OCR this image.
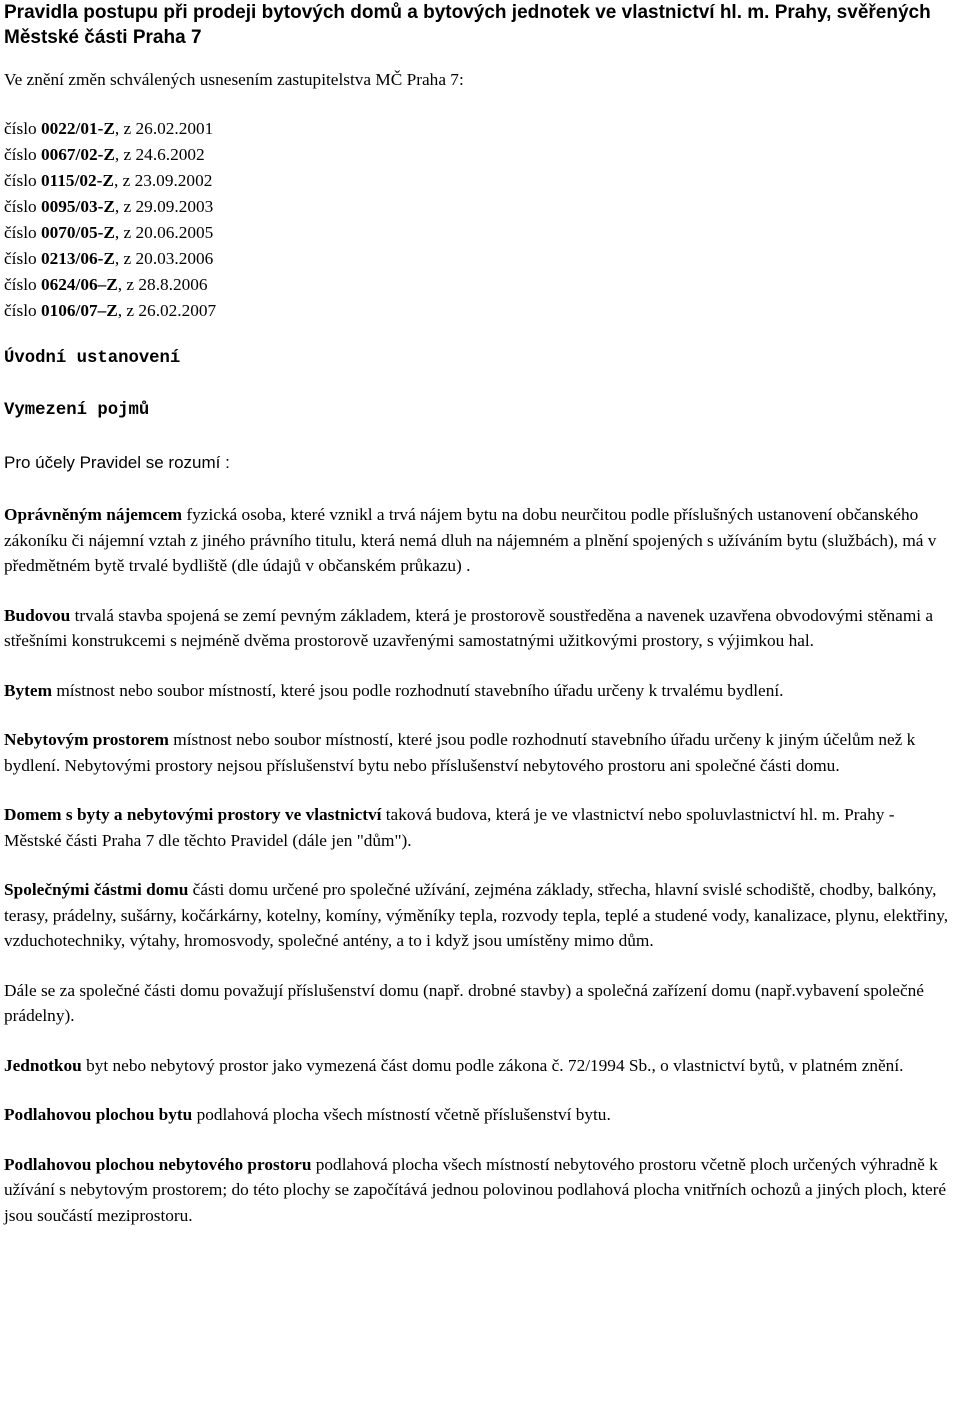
Pravidla postupu při prodeji bytových domů a bytových jednotek ve vlastnictví hl. m. Prahy, svěřených Městské části Praha 7

Ve znění změn schválených usnesením zastupitelstva MČ Praha 7:

číslo 0022/01-Z, z 26.02.2001
číslo 0067/02-Z, z 24.6.2002
číslo 0115/02-Z, z 23.09.2002
číslo 0095/03-Z, z 29.09.2003
číslo 0070/05-Z, z 20.06.2005
číslo 0213/06-Z, z 20.03.2006
číslo 0624/06–Z, z 28.8.2006
číslo 0106/07–Z, z 26.02.2007
Úvodní ustanovení
Vymezení pojmů

Pro účely Pravidel se rozumí :

Oprávněným nájemcem fyzická osoba, které vznikl a trvá nájem bytu na dobu neurčitou podle příslušných ustanovení občanského zákoníku či nájemní vztah z jiného právního titulu, která nemá dluh na nájemném a plnění spojených s užíváním bytu (službách), má v předmětném bytě trvalé bydliště (dle údajů v občanském průkazu) .

Budovou trvalá stavba spojená se zemí pevným základem, která je prostorově soustředěna a navenek uzavřena obvodovými stěnami a střešními konstrukcemi s nejméně dvěma prostorově uzavřenými samostatnými užitkovými prostory, s výjimkou hal.

Bytem místnost nebo soubor místností, které jsou podle rozhodnutí stavebního úřadu určeny k trvalému bydlení.

Nebytovým prostorem místnost nebo soubor místností, které jsou podle rozhodnutí stavebního úřadu určeny k jiným účelům než k bydlení. Nebytovými prostory nejsou příslušenství bytu nebo příslušenství nebytového prostoru ani společné části domu.

Domem s byty a nebytovými prostory ve vlastnictví taková budova, která je ve vlastnictví nebo spoluvlastnictví hl. m. Prahy - Městské části Praha 7 dle těchto Pravidel (dále jen "dům").

Společnými částmi domu části domu určené pro společné užívání, zejména základy, střecha, hlavní svislé schodiště, chodby, balkóny, terasy, prádelny, sušárny, kočárkárny, kotelny, komíny, výměníky tepla, rozvody tepla, teplé a studené vody, kanalizace, plynu, elektřiny, vzduchotechniky, výtahy, hromosvody, společné antény, a to i když jsou umístěny mimo dům.

Dále se za společné části domu považují příslušenství domu (např. drobné stavby) a společná zařízení domu (např.vybavení společné prádelny).

Jednotkou byt nebo nebytový prostor jako vymezená část domu podle zákona č. 72/1994 Sb., o vlastnictví bytů, v platném znění.

Podlahovou plochou bytu podlahová plocha všech místností včetně příslušenství bytu.

Podlahovou plochou nebytového prostoru podlahová plocha všech místností nebytového prostoru včetně ploch určených výhradně k užívání s nebytovým prostorem; do této plochy se započítává jednou polovinou podlahová plocha vnitřních ochozů a jiných ploch, které jsou součástí meziprostoru.
